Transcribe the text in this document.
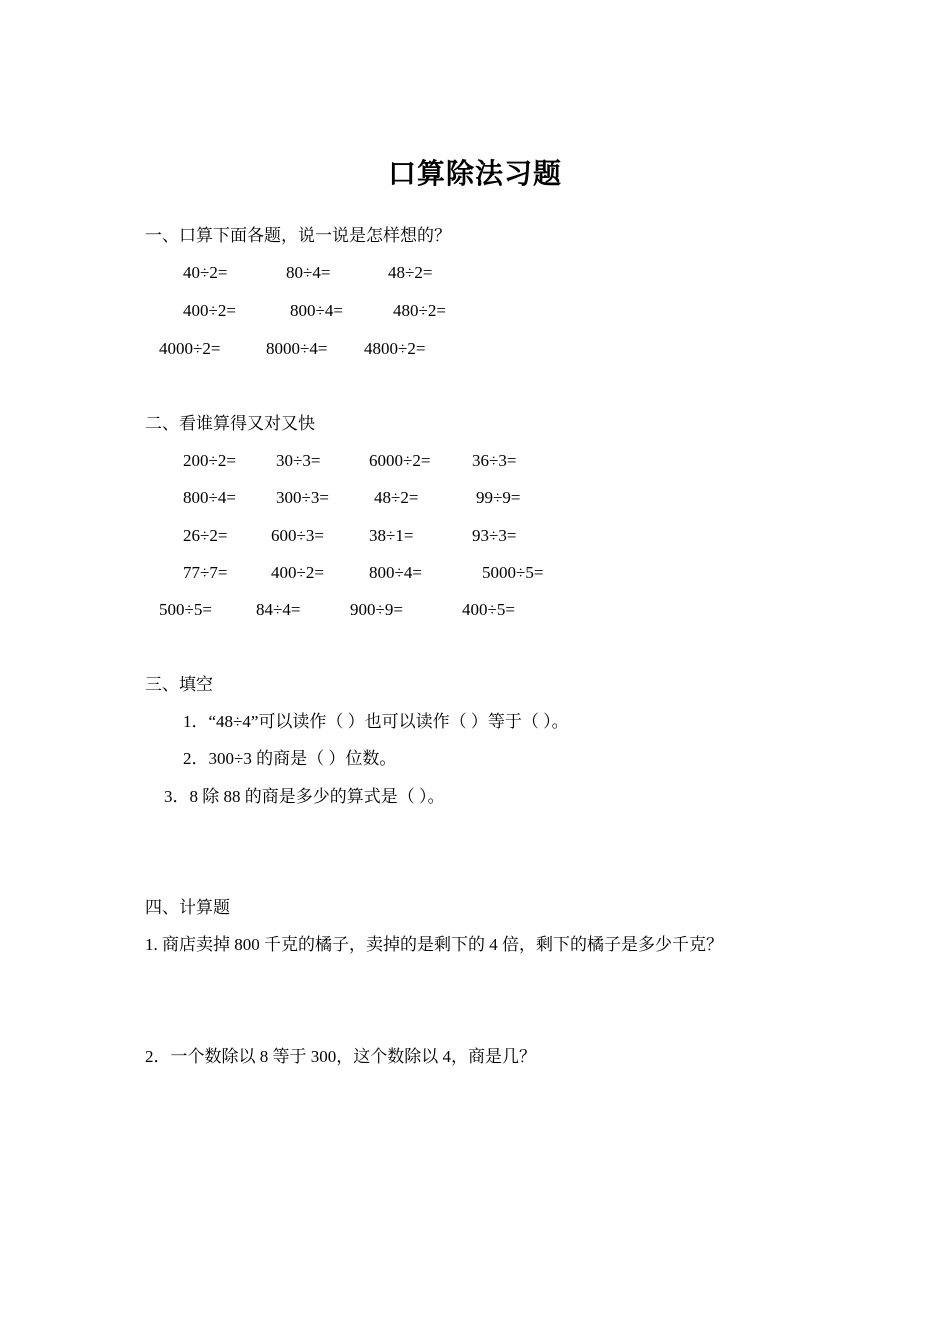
口算除法习题
一、口算下面各题，说一说是怎样想的？
40÷2=	80÷4=	48÷2=
400÷2=	800÷4=	480÷2=
4000÷2=	8000÷4= 4800÷2=
二、看谁算得又对又快
200÷2= 30÷3=	6000÷2= 36÷3=
800÷4= 300÷3=	48÷2=	99÷9=
26÷2=	600÷3=	38÷1=	93÷3=
77÷7=	400÷2=	800÷4=	5000÷5=
500÷5=	84÷4=	900÷9=	400÷5=
三、填空
1．“48÷4”可以读作（ ）也可以读作（ ）等于（ ）。
2．300÷3 的商是（ ）位数。
3．8 除 88 的商是多少的算式是（ ）。
四、计算题
1. 商店卖掉 800 千克的橘子，卖掉的是剩下的 4 倍，剩下的橘子是多少千克？
2．一个数除以 8 等于 300，这个数除以 4，商是几？
